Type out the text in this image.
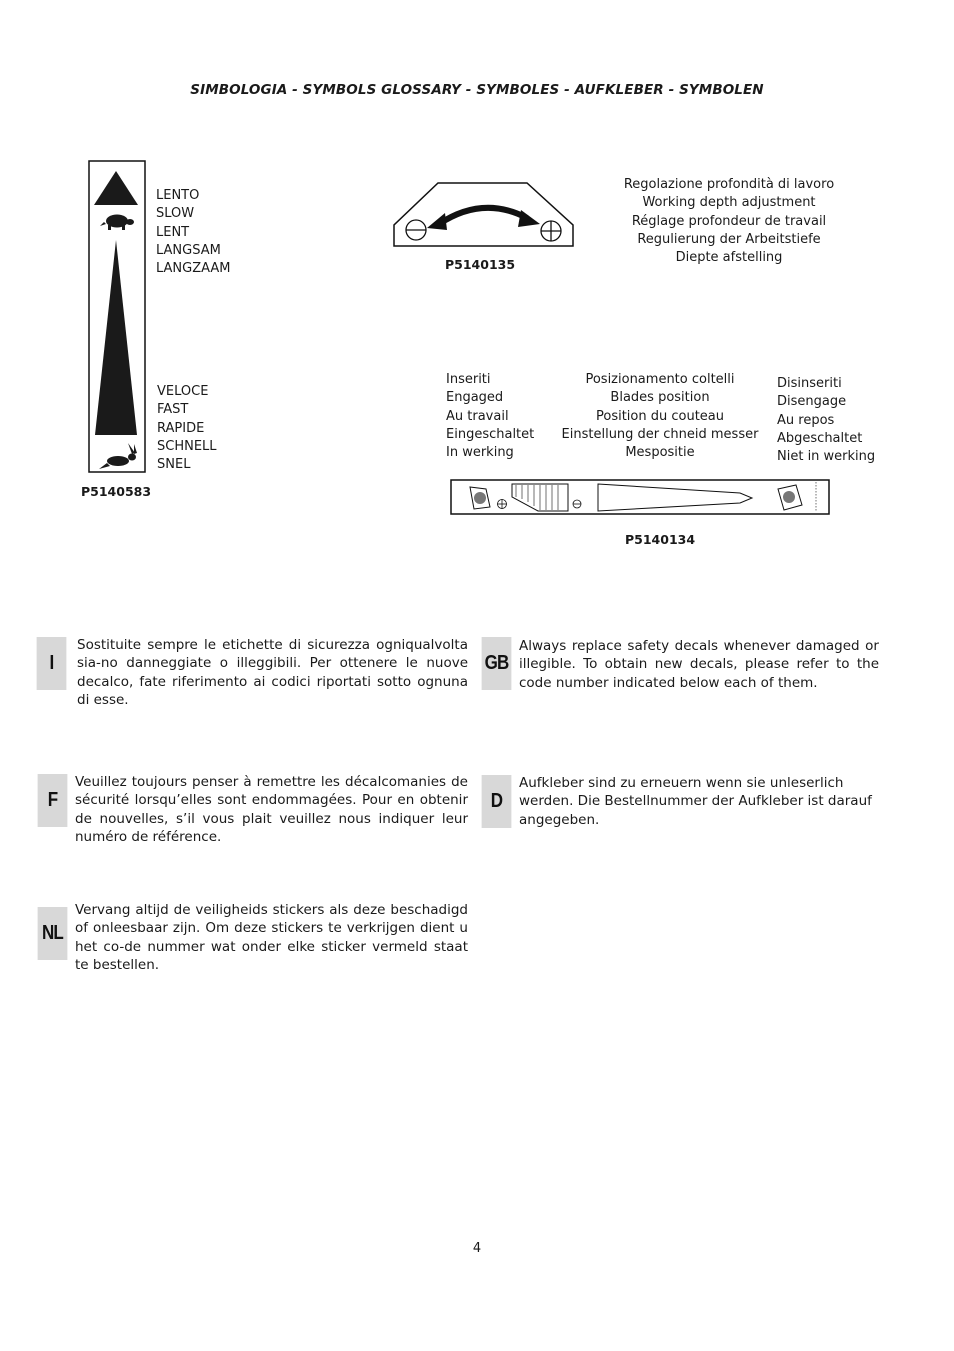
SIMBOLOGIA - SYMBOLS GLOSSARY - SYMBOLES - AUFKLEBER - SYMBOLEN
LENTO
SLOW
LENT
LANGSAM
LANGZAAM
VELOCE
FAST
RAPIDE
SCHNELL
SNEL
P5140583
P5140135
Regolazione profondità di lavoro
Working depth adjustment
Réglage profondeur de travail
Regulierung der Arbeitstiefe
Diepte afstelling
Inseriti
Engaged
Au travail
Eingeschaltet
In werking
Posizionamento coltelli
Blades position
Position du couteau
Einstellung der chneid messer
Mespositie
Disinseriti
Disengage
Au repos
Abgeschaltet
Niet in werking
P5140134
I
Sostituite sempre le etichette di sicurezza ogniqualvolta sia-no danneggiate o illeggibili. Per ottenere le nuove decalco, fate riferimento ai codici riportati sotto ognuna di esse.
GB
Always replace safety decals whenever damaged or illegible. To obtain new decals, please refer to the code number indicated below each of them.
F
Veuillez toujours penser à remettre les décalcomanies de sécurité lorsqu’elles sont endommagées. Pour en obtenir de nouvelles, s’il vous plait veuillez nous indiquer leur numéro de référence.
D
Aufkleber sind zu erneuern wenn sie unleserlich werden. Die Bestellnummer der Aufkleber ist darauf angegeben.
NL
Vervang altijd de veiligheids stickers als deze beschadigd of onleesbaar zijn. Om deze stickers te verkrijgen dient u het co-de nummer wat onder elke sticker vermeld staat te bestellen.
4
